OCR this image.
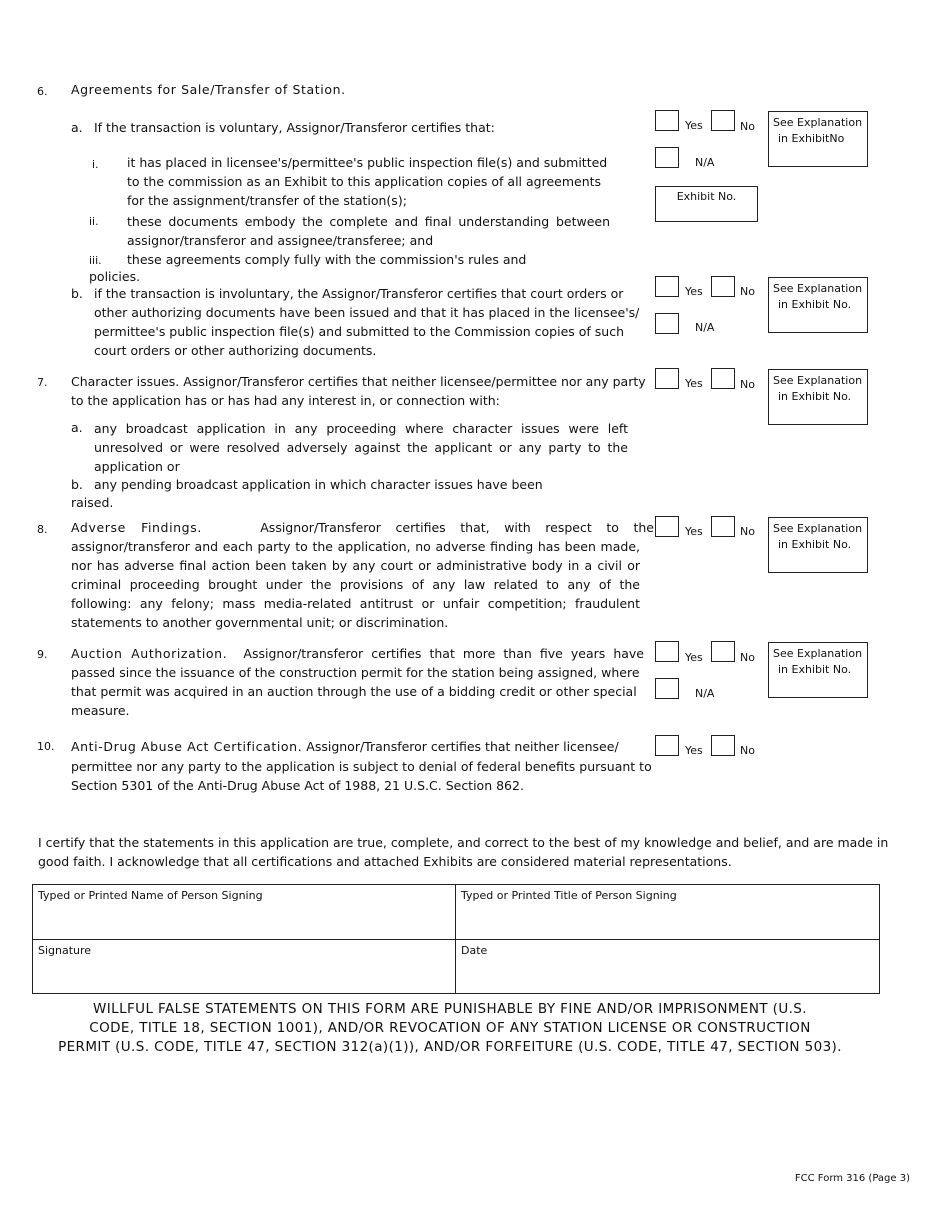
6. Agreements for Sale/Transfer of Station.
a. If the transaction is voluntary, Assignor/Transferor certifies that:
i. it has placed in licensee's/permittee's public inspection file(s) and submitted
to the commission as an Exhibit to this application copies of all agreements
for the assignment/transfer of the station(s);
ii. these documents embody the complete and final understanding between
assignor/transferor and assignee/transferee; and
iii. these agreements comply fully with the commission's rules and
policies.
b. if the transaction is involuntary, the Assignor/Transferor certifies that court orders or
other authorizing documents have been issued and that it has placed in the licensee's/
permittee's public inspection file(s) and submitted to the Commission copies of such
court orders or other authorizing documents.
Yes	No See Explanation
in ExhibitNo
N/A
Exhibit No.
Yes	No See Explanation
in Exhibit No.
N/A
7. Character issues. Assignor/Transferor certifies that neither licensee/permittee nor any party
to the application has or has had any interest in, or connection with:
a. any broadcast application in any proceeding where character issues were left
unresolved or were resolved adversely against the applicant or any party to the
application or
b. any pending broadcast application in which character issues have been
raised.
Yes	No See Explanation
in Exhibit No.
8. Adverse Findings.	Assignor/Transferor certifies that, with respect to the
assignor/transferor and each party to the application, no adverse finding has been made,
nor has adverse final action been taken by any court or administrative body in a civil or
criminal proceeding brought under the provisions of any law related to any of the
following: any felony; mass media-related antitrust or unfair competition; fraudulent
statements to another governmental unit; or discrimination.
Yes	No See Explanation
in Exhibit No.
9. Auction Authorization. Assignor/transferor certifies that more than five years have
passed since the issuance of the construction permit for the station being assigned, where
that permit was acquired in an auction through the use of a bidding credit or other special
measure.
Yes	No See Explanation
in Exhibit No.
N/A
10. Anti-Drug Abuse Act Certification. Assignor/Transferor certifies that neither licensee/
permittee nor any party to the application is subject to denial of federal benefits pursuant to
Section 5301 of the Anti-Drug Abuse Act of 1988, 21 U.S.C. Section 862.
Yes	No
I certify that the statements in this application are true, complete, and correct to the best of my knowledge and belief, and are made in
good faith. I acknowledge that all certifications and attached Exhibits are considered material representations.
Typed or Printed Name of Person Signing	Typed or Printed Title of Person Signing
Signature	Date
WILLFUL FALSE STATEMENTS ON THIS FORM ARE PUNISHABLE BY FINE AND/OR IMPRISONMENT (U.S.
CODE, TITLE 18, SECTION 1001), AND/OR REVOCATION OF ANY STATION LICENSE OR CONSTRUCTION
PERMIT (U.S. CODE, TITLE 47, SECTION 312(a)(1)), AND/OR FORFEITURE (U.S. CODE, TITLE 47, SECTION 503).
FCC Form 316 (Page 3)
